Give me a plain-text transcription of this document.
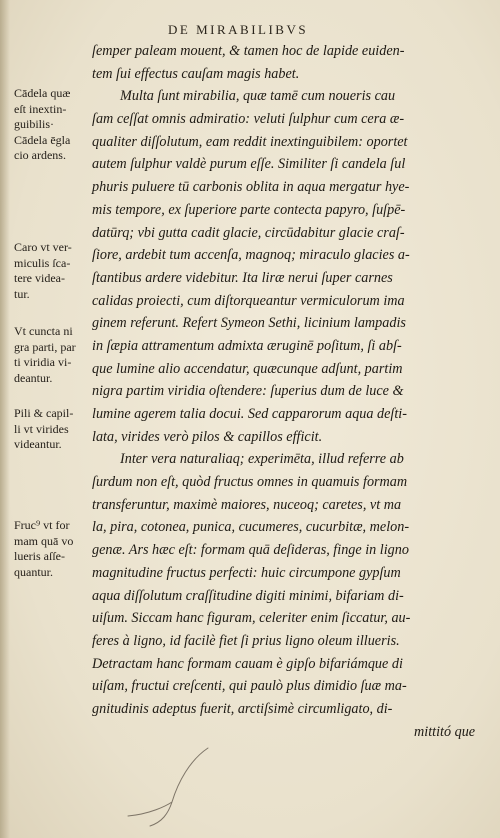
DE MIRABILIBVS
ſemper paleam mouent, & tamen hoc de lapide euiden-
tem ſui effectus cauſam magis habet.
Multa ſunt mirabilia, quæ tamē cum noueris cau
ſam ceſſat omnis admiratio: veluti ſulphur cum cera æ-
qualiter diſſolutum, eam reddit inextinguibilem: oportet
autem ſulphur valdè purum eſſe. Similiter ſi candela ſul
phuris puluere tū carbonis oblita in aqua mergatur hye-
mis tempore, ex ſuperiore parte contecta papyro, ſuſpē-
datūrq; vbi gutta cadit glacie, circūdabitur glacie craſ-
ſiore, ardebit tum accenſa, magnoq; miraculo glacies a-
ſtantibus ardere videbitur. Ita liræ nerui ſuper carnes
calidas proiecti, cum diſtorqueantur vermiculorum ima
ginem referunt. Refert Symeon Sethi, licinium lampadis
in ſæpia attramentum admixta æruginē poſitum, ſi abſ-
que lumine alio accendatur, quæcunque adſunt, partim
nigra partim viridia oſtendere: ſuperius dum de luce &
lumine agerem talia docui. Sed capparorum aqua deſti-
lata, virides verò pilos & capillos efficit.
Inter vera naturaliaq; experimēta, illud referre ab
ſurdum non eſt, quòd fructus omnes in quamuis formam
transferuntur, maximè maiores, nuceoq; caretes, vt ma
la, pira, cotonea, punica, cucumeres, cucurbitæ, melon-
genæ. Ars hæc eſt: formam quā deſideras, finge in ligno
magnitudine fructus perfecti: huic circumpone gypſum
aqua diſſolutum craſſitudine digiti minimi, bifariam di-
uiſum. Siccam hanc figuram, celeriter enim ſiccatur, au-
feres à ligno, id facilè fiet ſi prius ligno oleum illueris.
Detractam hanc formam cauam è gipſo bifariámque di
uiſam, fructui creſcenti, qui paulò plus dimidio ſuæ ma-
gnitudinis adeptus fuerit, arctiſsimè circumligato, di-
mittitó que
Cādela quæ
eſt inextin-
guibilis·
Cādela ēgla
cio ardens.
Caro vt ver-
miculis ſca-
tere videa-
tur.
Vt cuncta ni
gra parti, par
ti viridia vi-
deantur.
Pili & capil-
li vt virides
videantur.
Fruc⁹ vt for
mam quā vo
lueris aſſe-
quantur.
